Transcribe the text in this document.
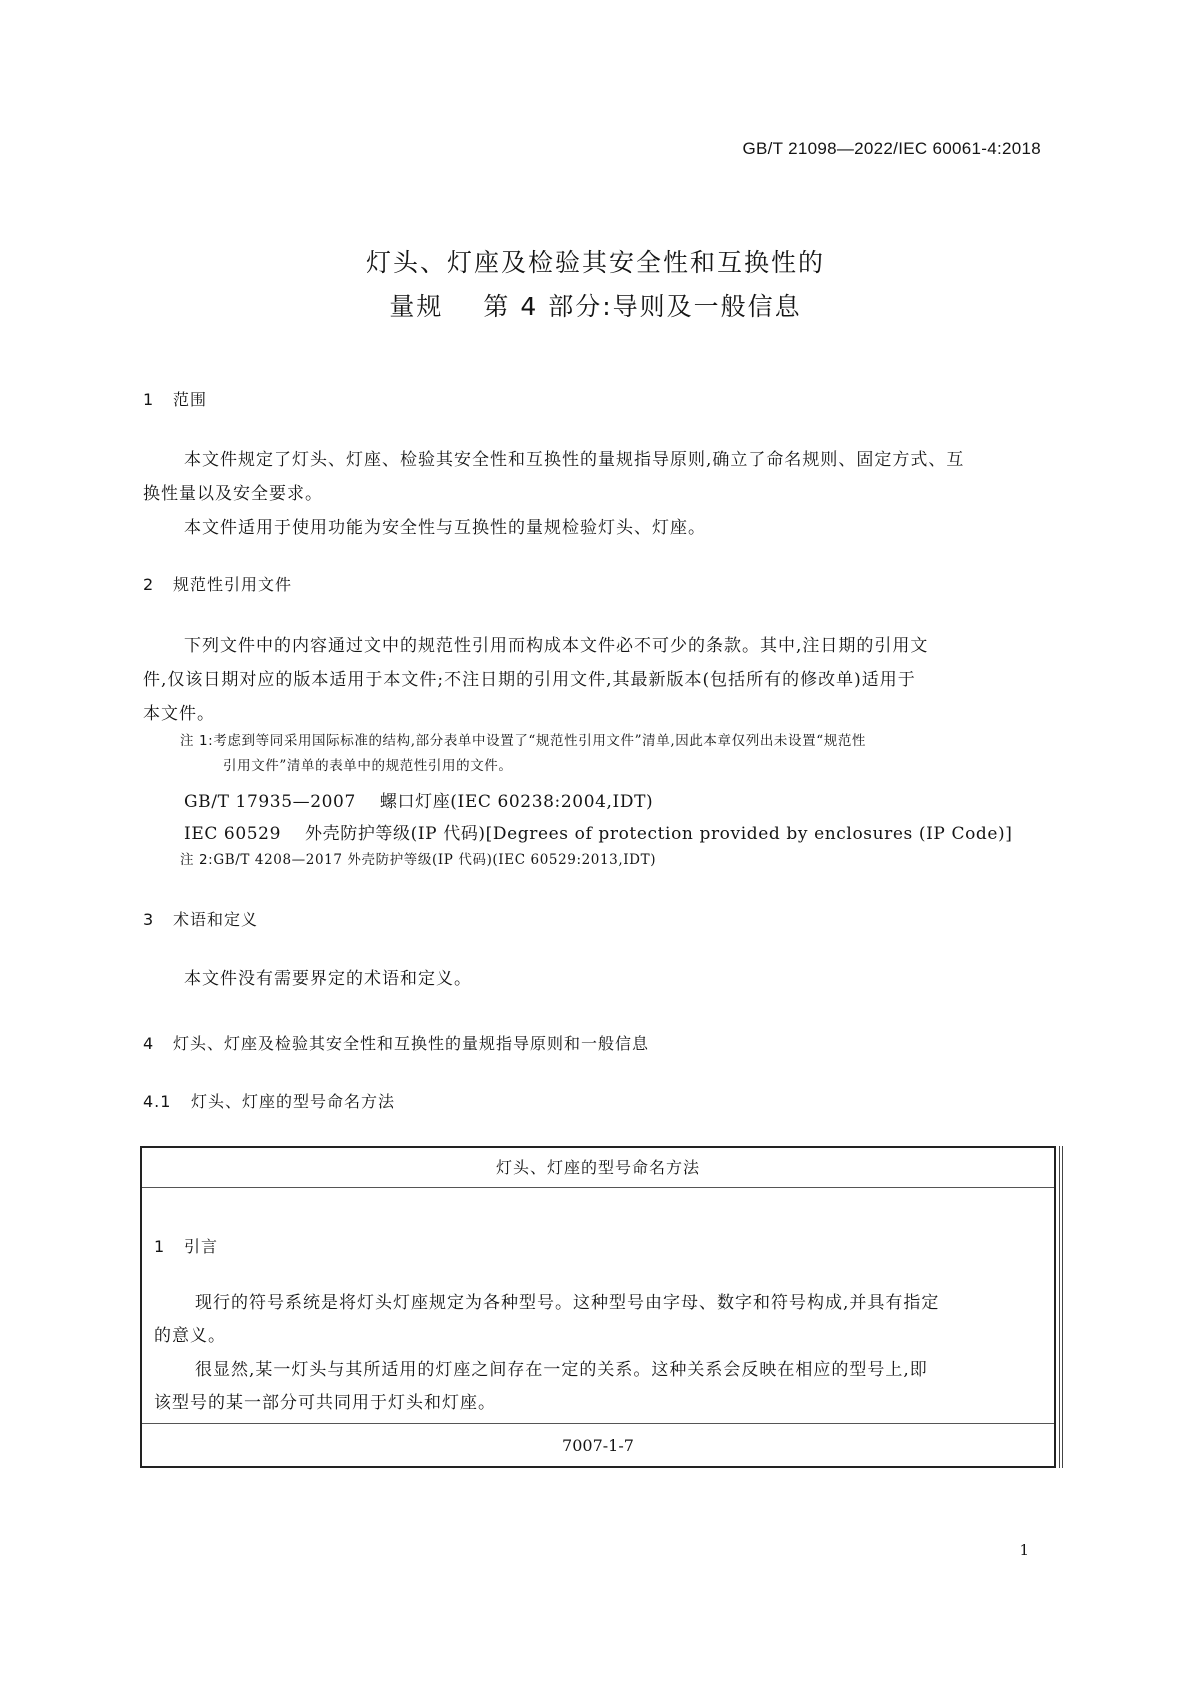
GB/T 21098—2022/IEC 60061-4:2018
灯头、灯座及检验其安全性和互换性的
量规 第 4 部分:导则及一般信息
1 范围
本文件规定了灯头、灯座、检验其安全性和互换性的量规指导原则,确立了命名规则、固定方式、互
换性量以及安全要求。
本文件适用于使用功能为安全性与互换性的量规检验灯头、灯座。
2 规范性引用文件
下列文件中的内容通过文中的规范性引用而构成本文件必不可少的条款。其中,注日期的引用文
件,仅该日期对应的版本适用于本文件;不注日期的引用文件,其最新版本(包括所有的修改单)适用于
本文件。
注 1:考虑到等同采用国际标准的结构,部分表单中设置了“规范性引用文件”清单,因此本章仅列出未设置“规范性
引用文件”清单的表单中的规范性引用的文件。
GB/T 17935—2007 螺口灯座(IEC 60238:2004,IDT)
IEC 60529 外壳防护等级(IP 代码)[Degrees of protection provided by enclosures (IP Code)]
注 2:GB/T 4208—2017 外壳防护等级(IP 代码)(IEC 60529:2013,IDT)
3 术语和定义
本文件没有需要界定的术语和定义。
4 灯头、灯座及检验其安全性和互换性的量规指导原则和一般信息
4.1 灯头、灯座的型号命名方法
灯头、灯座的型号命名方法
1 引言
现行的符号系统是将灯头灯座规定为各种型号。这种型号由字母、数字和符号构成,并具有指定
的意义。
很显然,某一灯头与其所适用的灯座之间存在一定的关系。这种关系会反映在相应的型号上,即
该型号的某一部分可共同用于灯头和灯座。
7007-1-7
1
